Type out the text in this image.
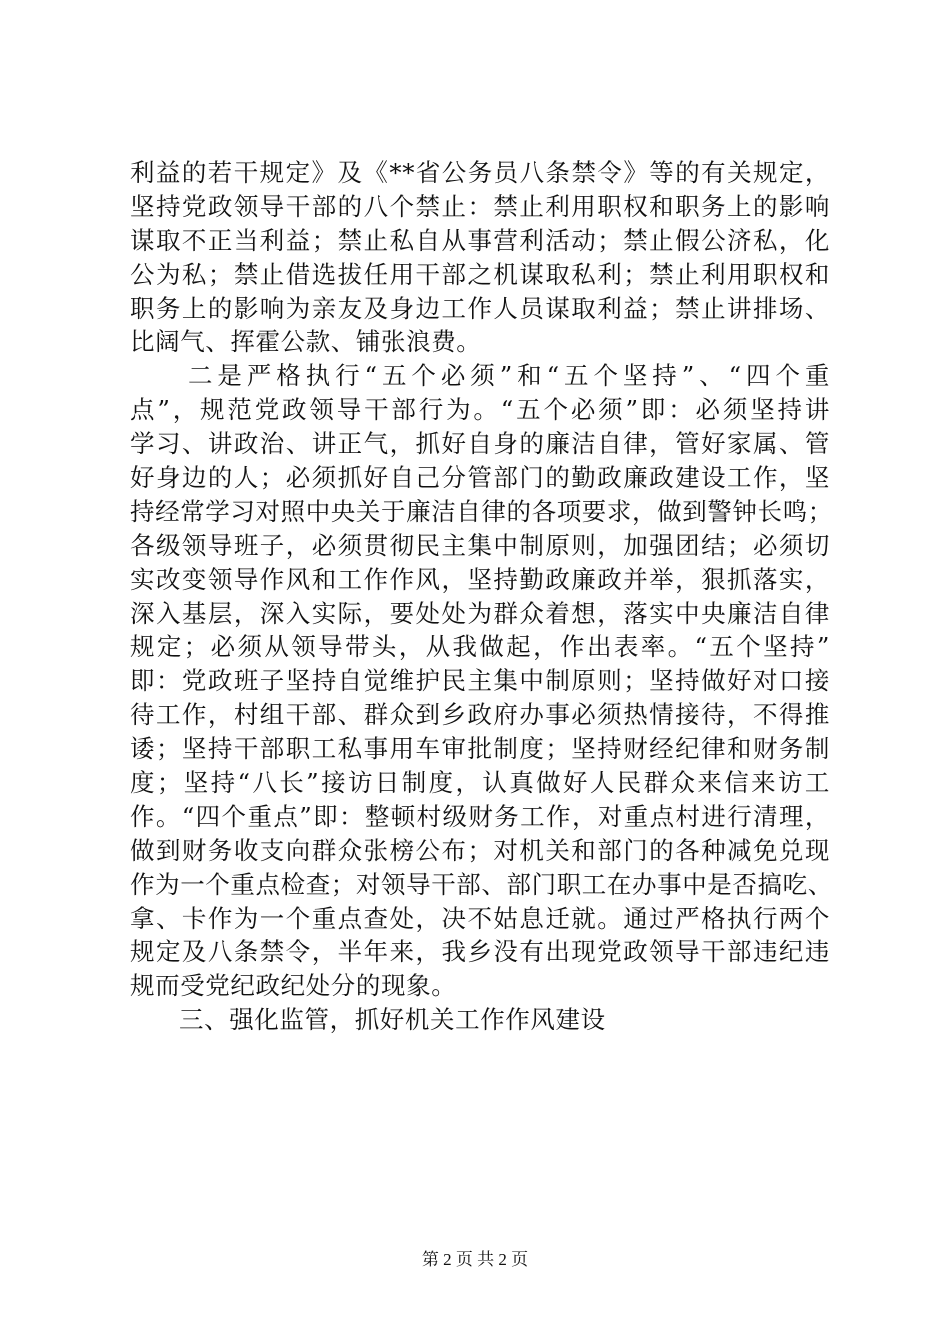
利益的若干规定》及《**省公务员八条禁令》等的有关规定，
坚持党政领导干部的八个禁止：禁止利用职权和职务上的影响
谋取不正当利益；禁止私自从事营利活动；禁止假公济私，化
公为私；禁止借选拔任用干部之机谋取私利；禁止利用职权和
职务上的影响为亲友及身边工作人员谋取利益；禁止讲排场、
比阔气、挥霍公款、铺张浪费。
二是严格执行“五个必须”和“五个坚持”、“四个重
点”，规范党政领导干部行为。“五个必须”即：必须坚持讲
学习、讲政治、讲正气，抓好自身的廉洁自律，管好家属、管
好身边的人；必须抓好自己分管部门的勤政廉政建设工作，坚
持经常学习对照中央关于廉洁自律的各项要求，做到警钟长鸣；
各级领导班子，必须贯彻民主集中制原则，加强团结；必须切
实改变领导作风和工作作风，坚持勤政廉政并举，狠抓落实，
深入基层，深入实际，要处处为群众着想，落实中央廉洁自律
规定；必须从领导带头，从我做起，作出表率。“五个坚持”
即：党政班子坚持自觉维护民主集中制原则；坚持做好对口接
待工作，村组干部、群众到乡政府办事必须热情接待，不得推
诿；坚持干部职工私事用车审批制度；坚持财经纪律和财务制
度；坚持“八长”接访日制度，认真做好人民群众来信来访工
作。“四个重点”即：整顿村级财务工作，对重点村进行清理，
做到财务收支向群众张榜公布；对机关和部门的各种减免兑现
作为一个重点检查；对领导干部、部门职工在办事中是否搞吃、
拿、卡作为一个重点查处，决不姑息迁就。通过严格执行两个
规定及八条禁令，半年来，我乡没有出现党政领导干部违纪违
规而受党纪政纪处分的现象。
三、强化监管，抓好机关工作作风建设
第 2 页 共 2 页
